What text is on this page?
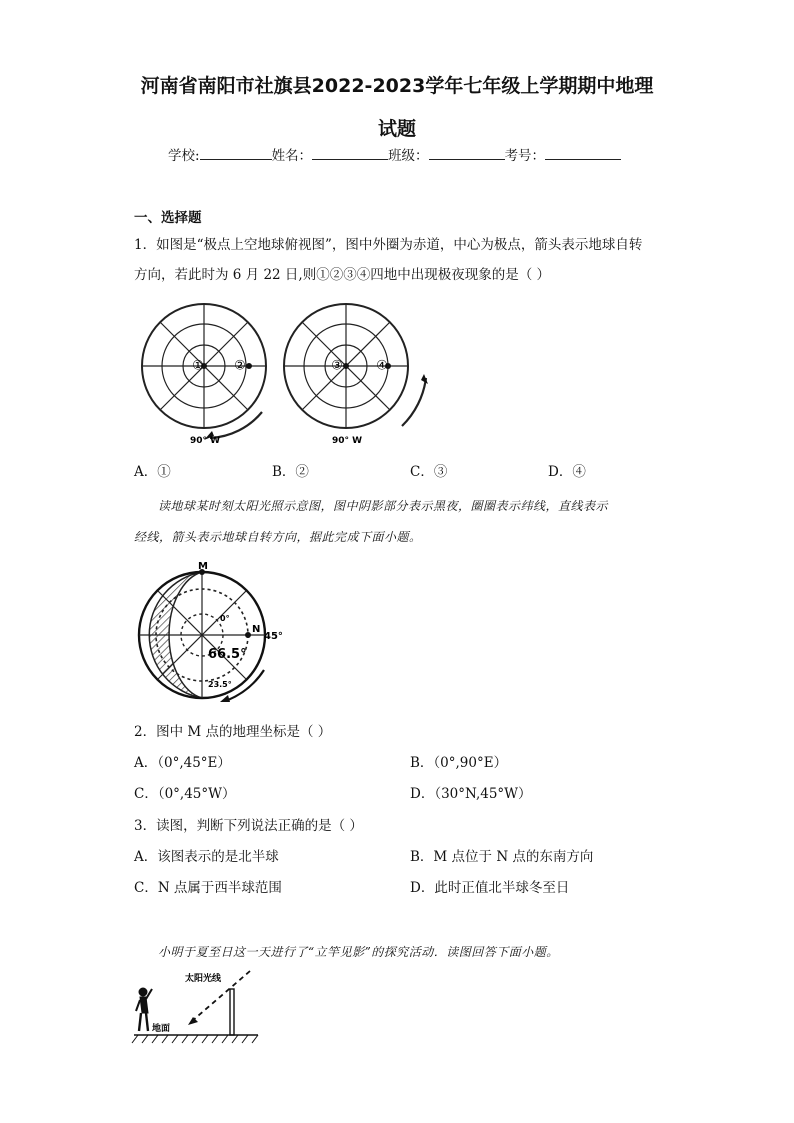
河南省南阳市社旗县2022-2023学年七年级上学期期中地理
试题
学校:	姓名：	班级：	考号：
一、选择题
1．如图是“极点上空地球俯视图”，图中外圈为赤道，中心为极点，箭头表示地球自转
方向，若此时为 6 月 22 日,则①②③④四地中出现极夜现象的是（ ）
① ②
90° W
③	④
90° W
A．①	B．②	C．③	D．④
读地球某时刻太阳光照示意图，图中阴影部分表示黑夜，圈圈表示纬线，直线表示
经线，箭头表示地球自转方向，据此完成下面小题。
M
N
45°
0°
66.5°
23.5°
2．图中 M 点的地理坐标是（ ）
A．（0°,45°E）	B．（0°,90°E）
C．（0°,45°W）	D．（30°N,45°W）
3．读图，判断下列说法正确的是（ ）
A．该图表示的是北半球	B．M 点位于 N 点的东南方向
C．N 点属于西半球范围	D．此时正值北半球冬至日
小明于夏至日这一天进行了“立竿见影”的探究活动．读图回答下面小题。
太阳光线
地面
